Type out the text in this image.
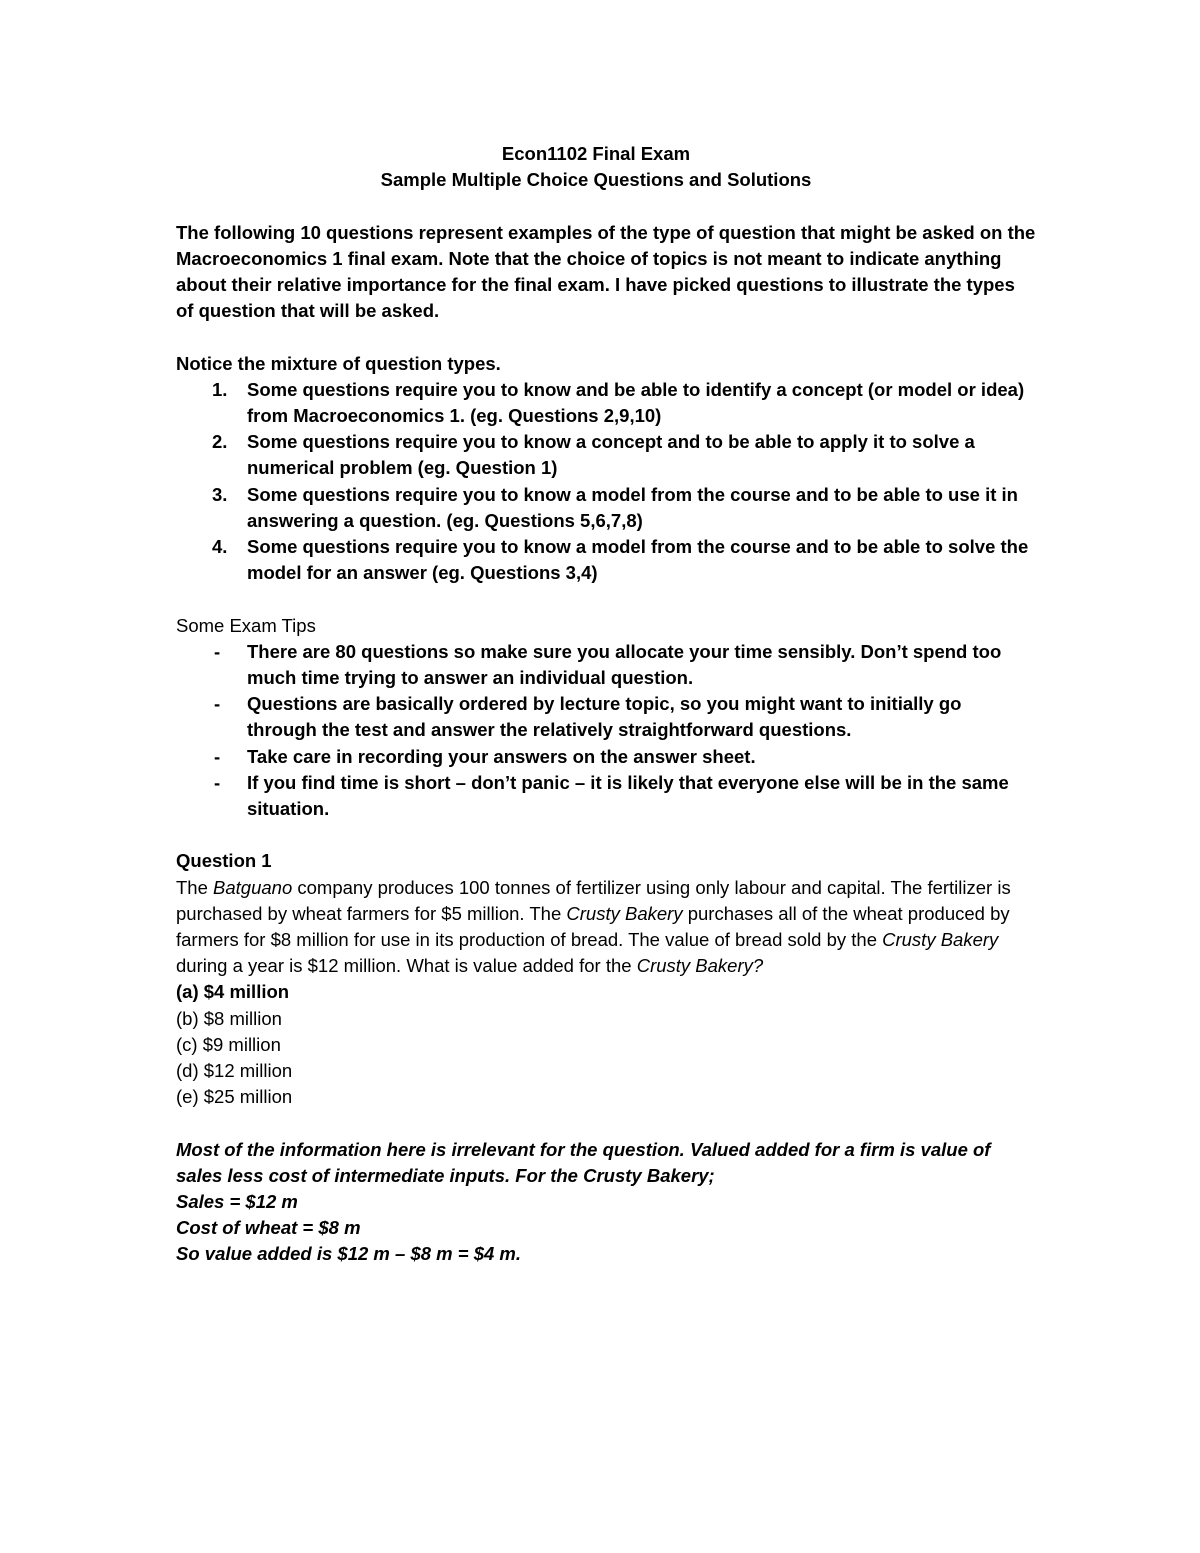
Econ1102 Final Exam
Sample Multiple Choice Questions and Solutions
The following 10 questions represent examples of the type of question that might be asked on the Macroeconomics 1 final exam. Note that the choice of topics is not meant to indicate anything about their relative importance for the final exam. I have picked questions to illustrate the types of question that will be asked.
Notice the mixture of question types.
1. Some questions require you to know and be able to identify a concept (or model or idea) from Macroeconomics 1. (eg. Questions 2,9,10)
2. Some questions require you to know a concept and to be able to apply it to solve a numerical problem (eg. Question 1)
3. Some questions require you to know a model from the course and to be able to use it in answering a question. (eg. Questions 5,6,7,8)
4. Some questions require you to know a model from the course and to be able to solve the model for an answer (eg. Questions 3,4)
Some Exam Tips
- There are 80 questions so make sure you allocate your time sensibly. Don’t spend too much time trying to answer an individual question.
- Questions are basically ordered by lecture topic, so you might want to initially go through the test and answer the relatively straightforward questions.
- Take care in recording your answers on the answer sheet.
- If you find time is short – don’t panic – it is likely that everyone else will be in the same situation.
Question 1
The Batguano company produces 100 tonnes of fertilizer using only labour and capital. The fertilizer is purchased by wheat farmers for $5 million. The Crusty Bakery purchases all of the wheat produced by farmers for $8 million for use in its production of bread. The value of bread sold by the Crusty Bakery during a year is $12 million. What is value added for the Crusty Bakery?
(a) $4 million
(b) $8 million
(c) $9 million
(d) $12 million
(e) $25 million
Most of the information here is irrelevant for the question. Valued added for a firm is value of sales less cost of intermediate inputs. For the Crusty Bakery;
Sales = $12 m
Cost of wheat = $8 m
So value added is $12 m – $8 m = $4 m.
